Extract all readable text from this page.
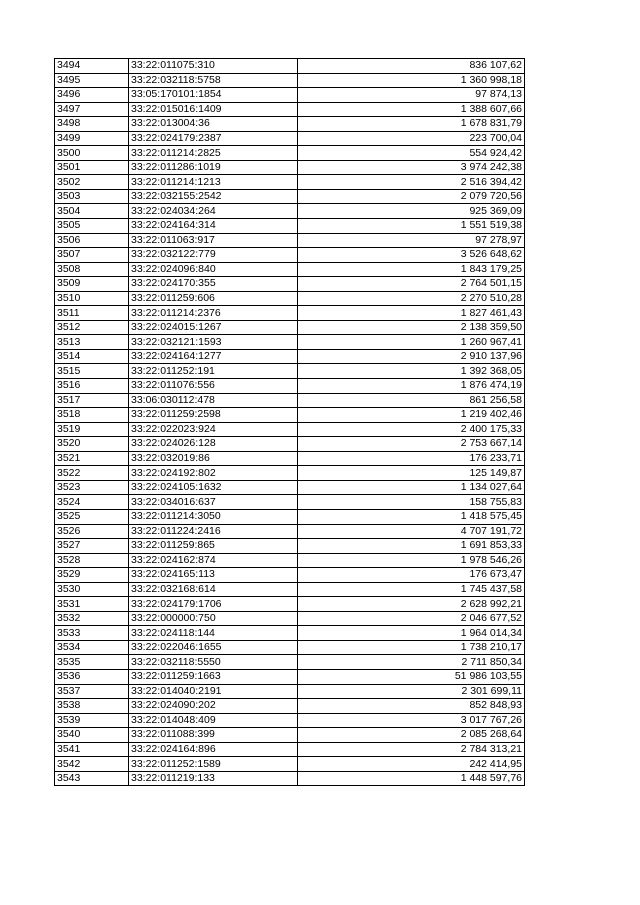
3494	33:22:011075:310	836 107,62
3495	33:22:032118:5758	1 360 998,18
3496	33:05:170101:1854	97 874,13
3497	33:22:015016:1409	1 388 607,66
3498	33:22:013004:36	1 678 831,79
3499	33:22:024179:2387	223 700,04
3500	33:22:011214:2825	554 924,42
3501	33:22:011286:1019	3 974 242,38
3502	33:22:011214:1213	2 516 394,42
3503	33:22:032155:2542	2 079 720,56
3504	33:22:024034:264	925 369,09
3505	33:22:024164:314	1 551 519,38
3506	33:22:011063:917	97 278,97
3507	33:22:032122:779	3 526 648,62
3508	33:22:024096:840	1 843 179,25
3509	33:22:024170:355	2 764 501,15
3510	33:22:011259:606	2 270 510,28
3511	33:22:011214:2376	1 827 461,43
3512	33:22:024015:1267	2 138 359,50
3513	33:22:032121:1593	1 260 967,41
3514	33:22:024164:1277	2 910 137,96
3515	33:22:011252:191	1 392 368,05
3516	33:22:011076:556	1 876 474,19
3517	33:06:030112:478	861 256,58
3518	33:22:011259:2598	1 219 402,46
3519	33:22:022023:924	2 400 175,33
3520	33:22:024026:128	2 753 667,14
3521	33:22:032019:86	176 233,71
3522	33:22:024192:802	125 149,87
3523	33:22:024105:1632	1 134 027,64
3524	33:22:034016:637	158 755,83
3525	33:22:011214:3050	1 418 575,45
3526	33:22:011224:2416	4 707 191,72
3527	33:22:011259:865	1 691 853,33
3528	33:22:024162:874	1 978 546,26
3529	33:22:024165:113	176 673,47
3530	33:22:032168:614	1 745 437,58
3531	33:22:024179:1706	2 628 992,21
3532	33:22:000000:750	2 046 677,52
3533	33:22:024118:144	1 964 014,34
3534	33:22:022046:1655	1 738 210,17
3535	33:22:032118:5550	2 711 850,34
3536	33:22:011259:1663	51 986 103,55
3537	33:22:014040:2191	2 301 699,11
3538	33:22:024090:202	852 848,93
3539	33:22:014048:409	3 017 767,26
3540	33:22:011088:399	2 085 268,64
3541	33:22:024164:896	2 784 313,21
3542	33:22:011252:1589	242 414,95
3543	33:22:011219:133	1 448 597,76
